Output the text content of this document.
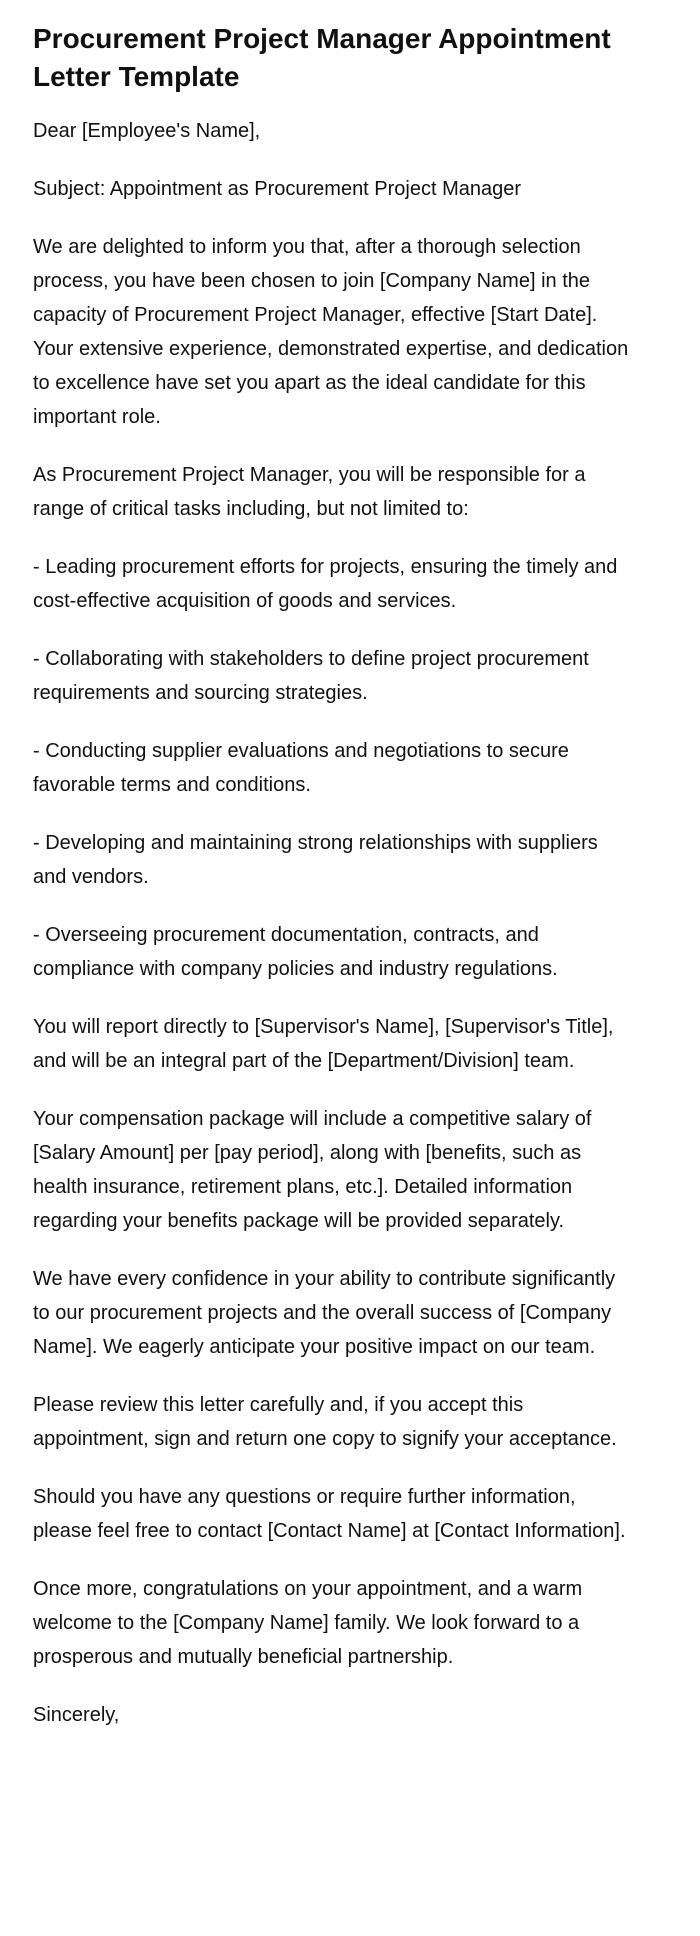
Procurement Project Manager Appointment Letter Template

Dear [Employee's Name],

Subject: Appointment as Procurement Project Manager

We are delighted to inform you that, after a thorough selection process, you have been chosen to join [Company Name] in the capacity of Procurement Project Manager, effective [Start Date]. Your extensive experience, demonstrated expertise, and dedication to excellence have set you apart as the ideal candidate for this important role.

As Procurement Project Manager, you will be responsible for a range of critical tasks including, but not limited to:

- Leading procurement efforts for projects, ensuring the timely and cost-effective acquisition of goods and services.

- Collaborating with stakeholders to define project procurement requirements and sourcing strategies.

- Conducting supplier evaluations and negotiations to secure favorable terms and conditions.

- Developing and maintaining strong relationships with suppliers and vendors.

- Overseeing procurement documentation, contracts, and compliance with company policies and industry regulations.

You will report directly to [Supervisor's Name], [Supervisor's Title], and will be an integral part of the [Department/Division] team.

Your compensation package will include a competitive salary of [Salary Amount] per [pay period], along with [benefits, such as health insurance, retirement plans, etc.]. Detailed information regarding your benefits package will be provided separately.

We have every confidence in your ability to contribute significantly to our procurement projects and the overall success of [Company Name]. We eagerly anticipate your positive impact on our team.

Please review this letter carefully and, if you accept this appointment, sign and return one copy to signify your acceptance.

Should you have any questions or require further information, please feel free to contact [Contact Name] at [Contact Information].

Once more, congratulations on your appointment, and a warm welcome to the [Company Name] family. We look forward to a prosperous and mutually beneficial partnership.

Sincerely,
